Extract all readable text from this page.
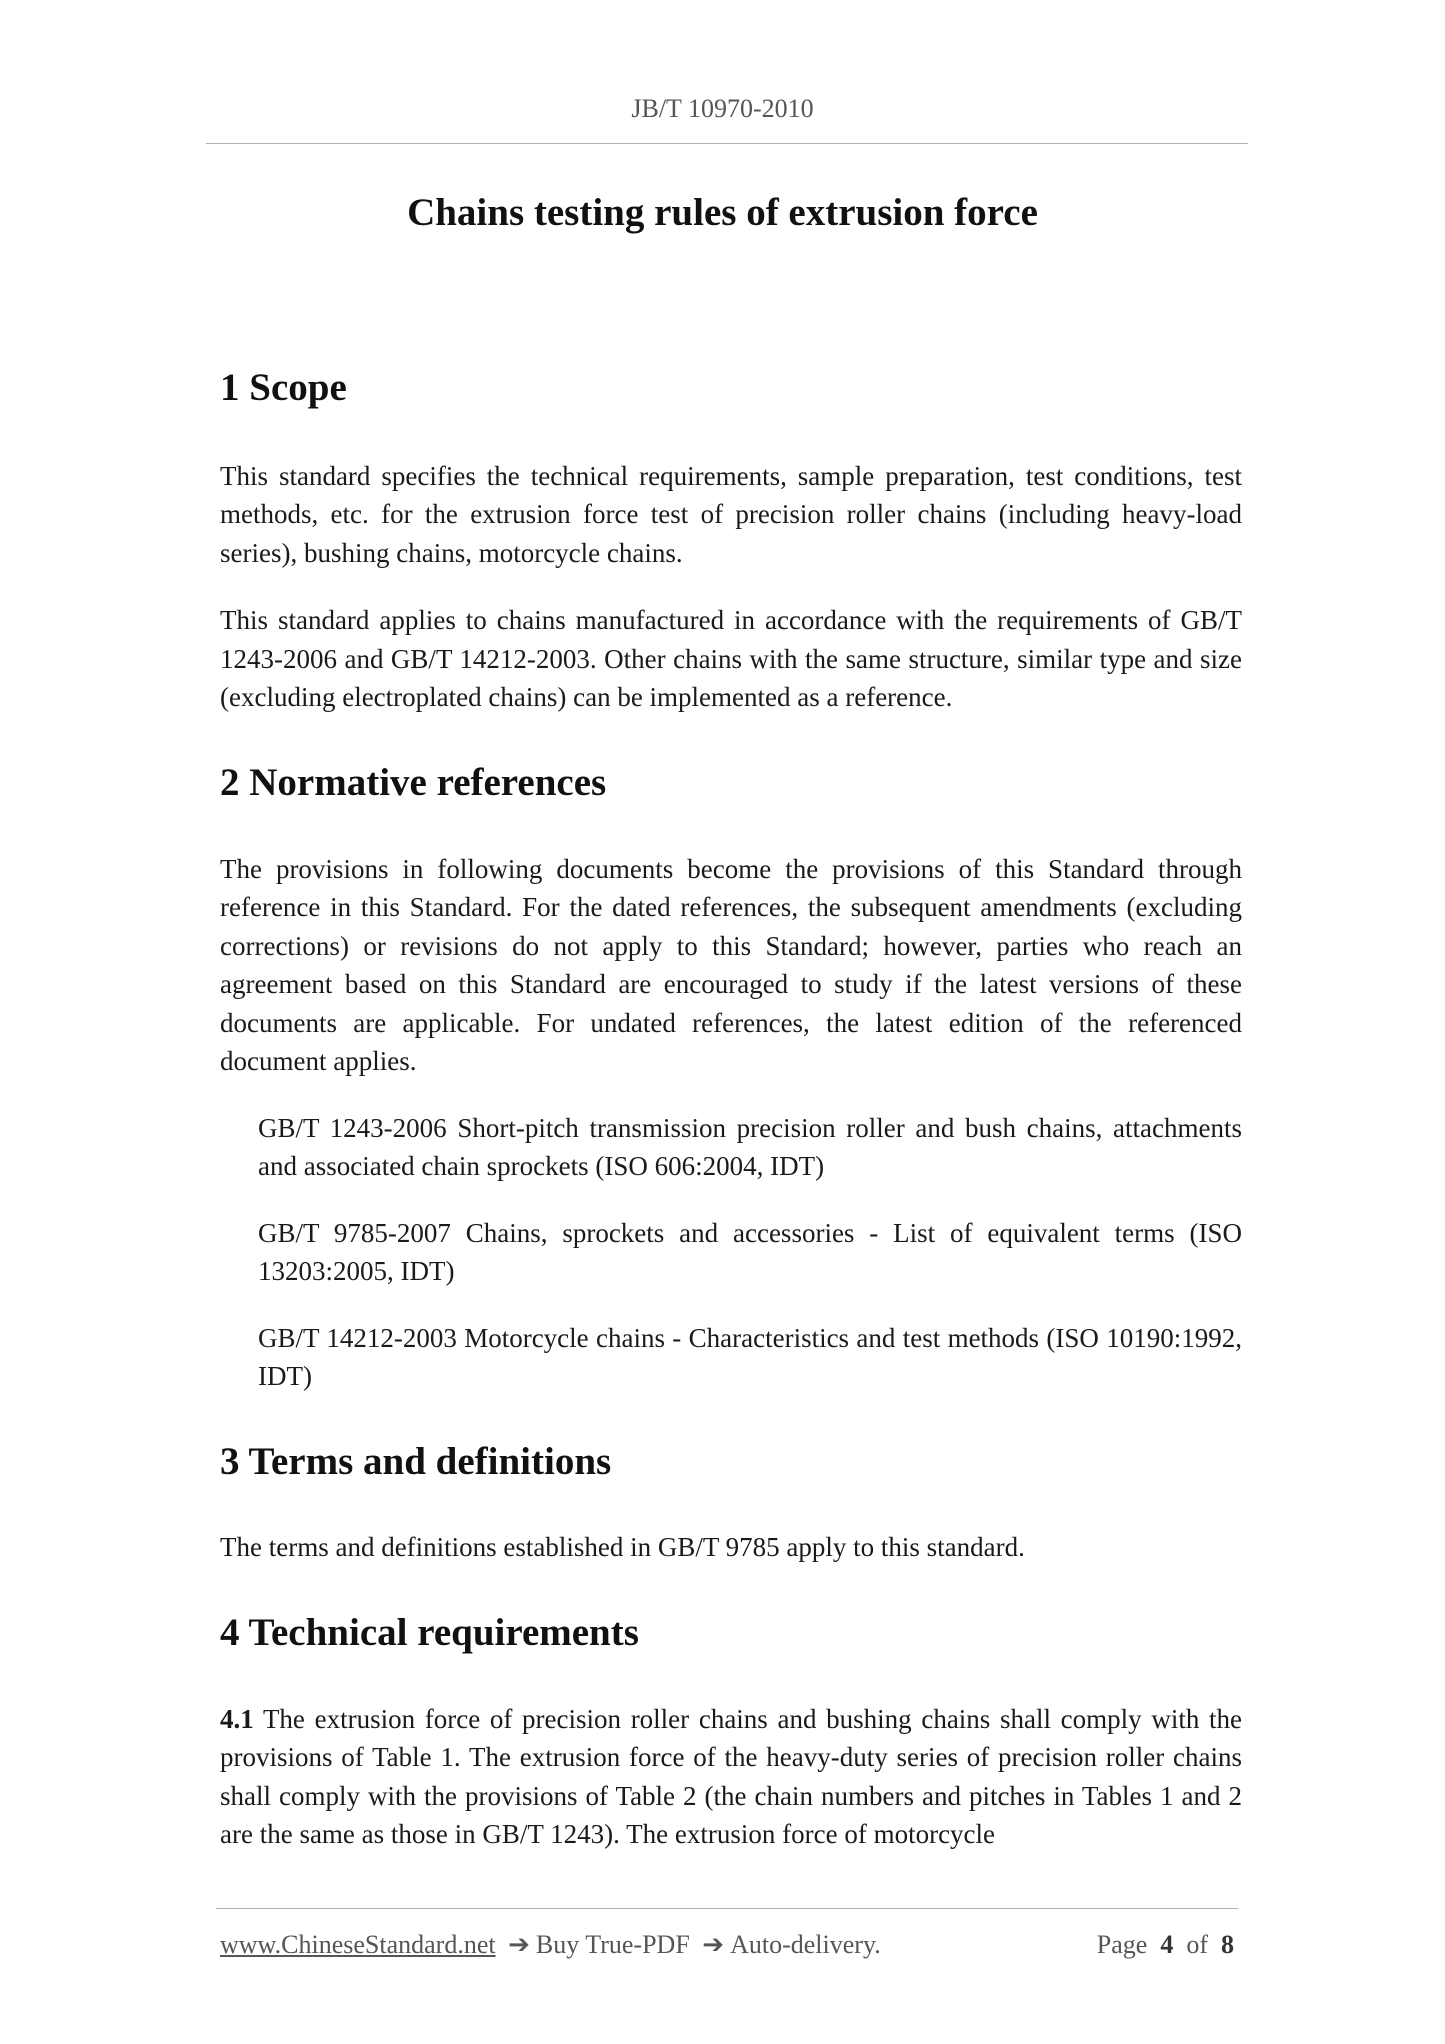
JB/T 10970-2010
Chains testing rules of extrusion force
1 Scope

This standard specifies the technical requirements, sample preparation, test conditions, test methods, etc. for the extrusion force test of precision roller chains (including heavy-load series), bushing chains, motorcycle chains.

This standard applies to chains manufactured in accordance with the requirements of GB/T 1243-2006 and GB/T 14212-2003. Other chains with the same structure, similar type and size (excluding electroplated chains) can be implemented as a reference.

2 Normative references

The provisions in following documents become the provisions of this Standard through reference in this Standard. For the dated references, the subsequent amendments (excluding corrections) or revisions do not apply to this Standard; however, parties who reach an agreement based on this Standard are encouraged to study if the latest versions of these documents are applicable. For undated references, the latest edition of the referenced document applies.

GB/T 1243-2006 Short-pitch transmission precision roller and bush chains, attachments and associated chain sprockets (ISO 606:2004, IDT)

GB/T 9785-2007 Chains, sprockets and accessories - List of equivalent terms (ISO 13203:2005, IDT)

GB/T 14212-2003 Motorcycle chains - Characteristics and test methods (ISO 10190:1992, IDT)

3 Terms and definitions

The terms and definitions established in GB/T 9785 apply to this standard.

4 Technical requirements

4.1 The extrusion force of precision roller chains and bushing chains shall comply with the provisions of Table 1. The extrusion force of the heavy-duty series of precision roller chains shall comply with the provisions of Table 2 (the chain numbers and pitches in Tables 1 and 2 are the same as those in GB/T 1243). The extrusion force of motorcycle

www.ChineseStandard.net ➔ Buy True-PDF ➔ Auto-delivery.	Page 4 of 8
